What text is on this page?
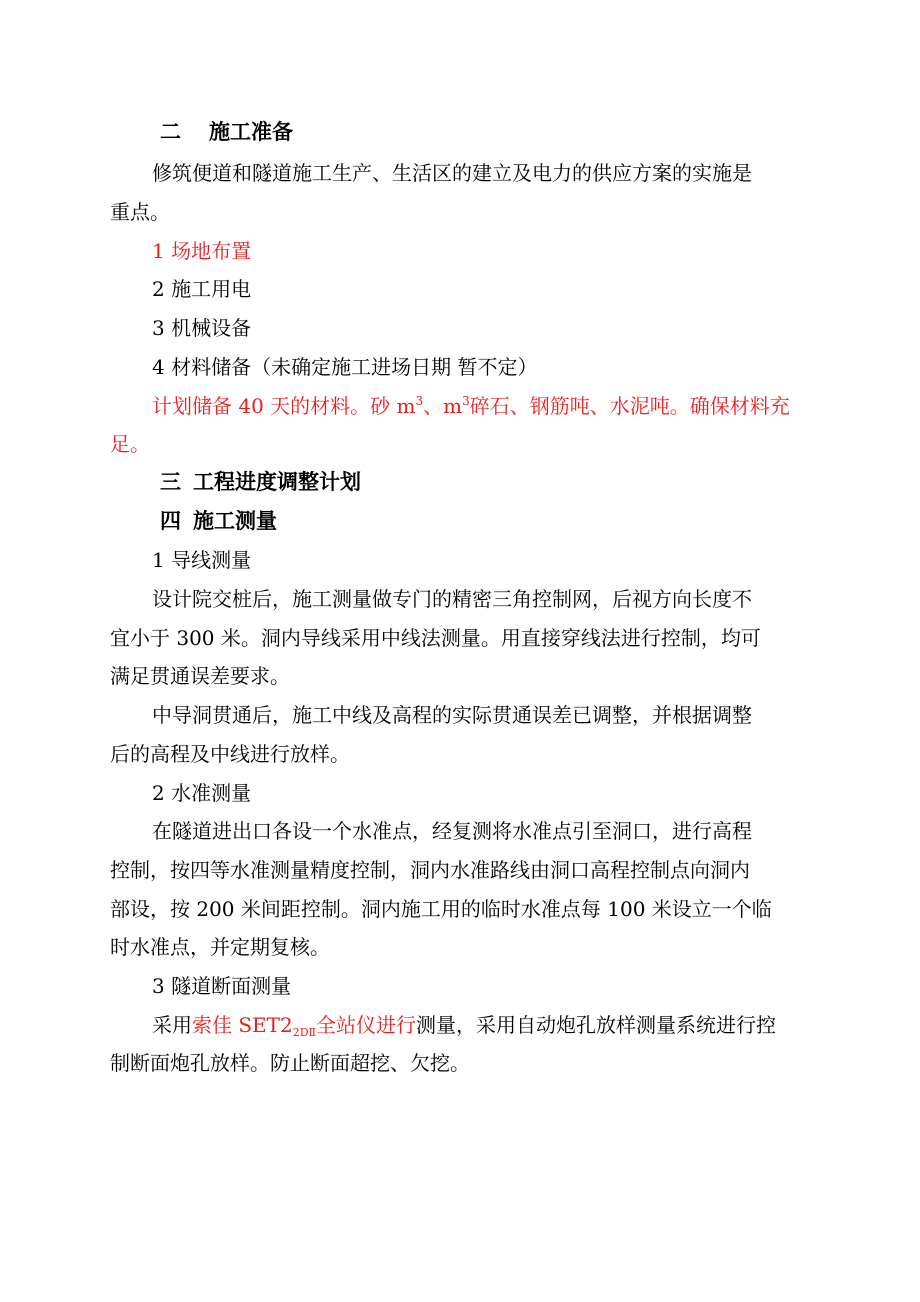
二 施工准备
修筑便道和隧道施工生产、生活区的建立及电力的供应方案的实施是
重点。
1 场地布置
2 施工用电
3 机械设备
4 材料储备（未确定施工进场日期 暂不定）
计划储备 40 天的材料。砂 $m^3$、$m^3$碎石、钢筋吨、水泥吨。确保材料充
足。
三 工程进度调整计划
四 施工测量
1 导线测量
设计院交桩后，施工测量做专门的精密三角控制网，后视方向长度不
宜小于 300 米。洞内导线采用中线法测量。用直接穿线法进行控制，均可
满足贯通误差要求。
中导洞贯通后，施工中线及高程的实际贯通误差已调整，并根据调整
后的高程及中线进行放样。
2 水准测量
在隧道进出口各设一个水准点，经复测将水准点引至洞口，进行高程
控制，按四等水准测量精度控制，洞内水准路线由洞口高程控制点向洞内
部设，按 200 米间距控制。洞内施工用的临时水准点每 100 米设立一个临
时水准点，并定期复核。
3 隧道断面测量
采用索佳 $SET2_{2DⅡ}$全站仪进行测量，采用自动炮孔放样测量系统进行控
制断面炮孔放样。防止断面超挖、欠挖。
